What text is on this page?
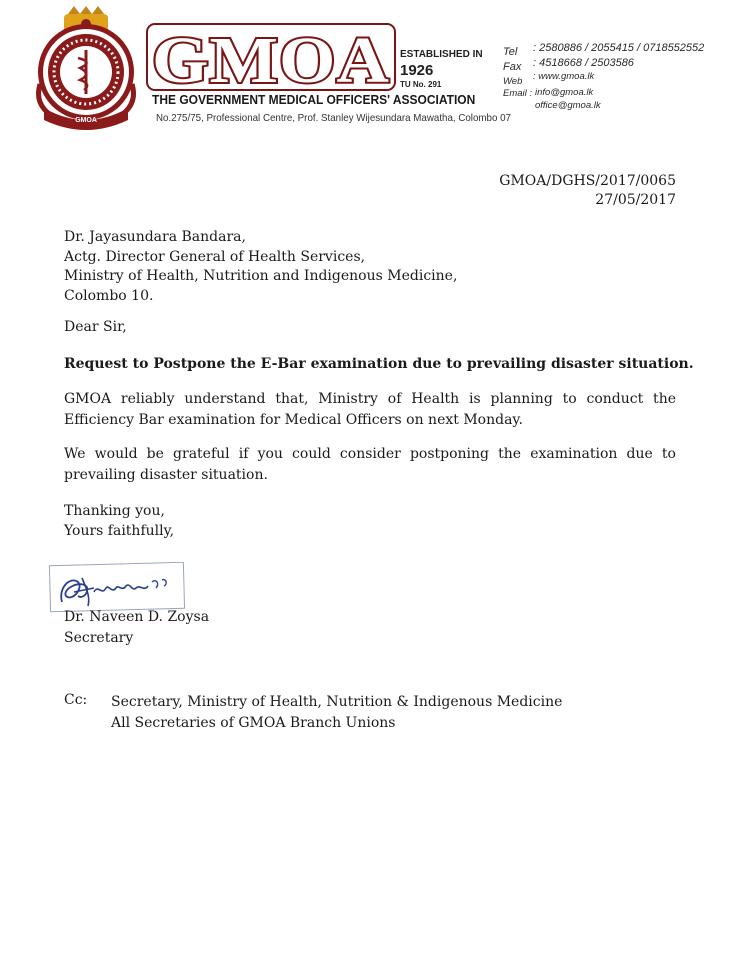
GMOA
GMOA ESTABLISHED IN
1926
TU No. 291
THE GOVERNMENT MEDICAL OFFICERS' ASSOCIATION
No.275/75, Professional Centre, Prof. Stanley Wijesundara Mawatha, Colombo 07
Tel : 2580886 / 2055415 / 0718552552
Fax : 4518668 / 2503586
Web : www.gmoa.lk
Email : info@gmoa.lk
office@gmoa.lk
GMOA/DGHS/2017/0065
27/05/2017
Dr. Jayasundara Bandara,
Actg. Director General of Health Services,
Ministry of Health, Nutrition and Indigenous Medicine,
Colombo 10.
Dear Sir,
Request to Postpone the E-Bar examination due to prevailing disaster situation.
GMOA reliably understand that, Ministry of Health is planning to conduct the Efficiency Bar examination for Medical Officers on next Monday.
We would be grateful if you could consider postponing the examination due to prevailing disaster situation.
Thanking you,
Yours faithfully,
Dr. Naveen D. Zoysa
Secretary
Cc: Secretary, Ministry of Health, Nutrition & Indigenous Medicine
All Secretaries of GMOA Branch Unions
